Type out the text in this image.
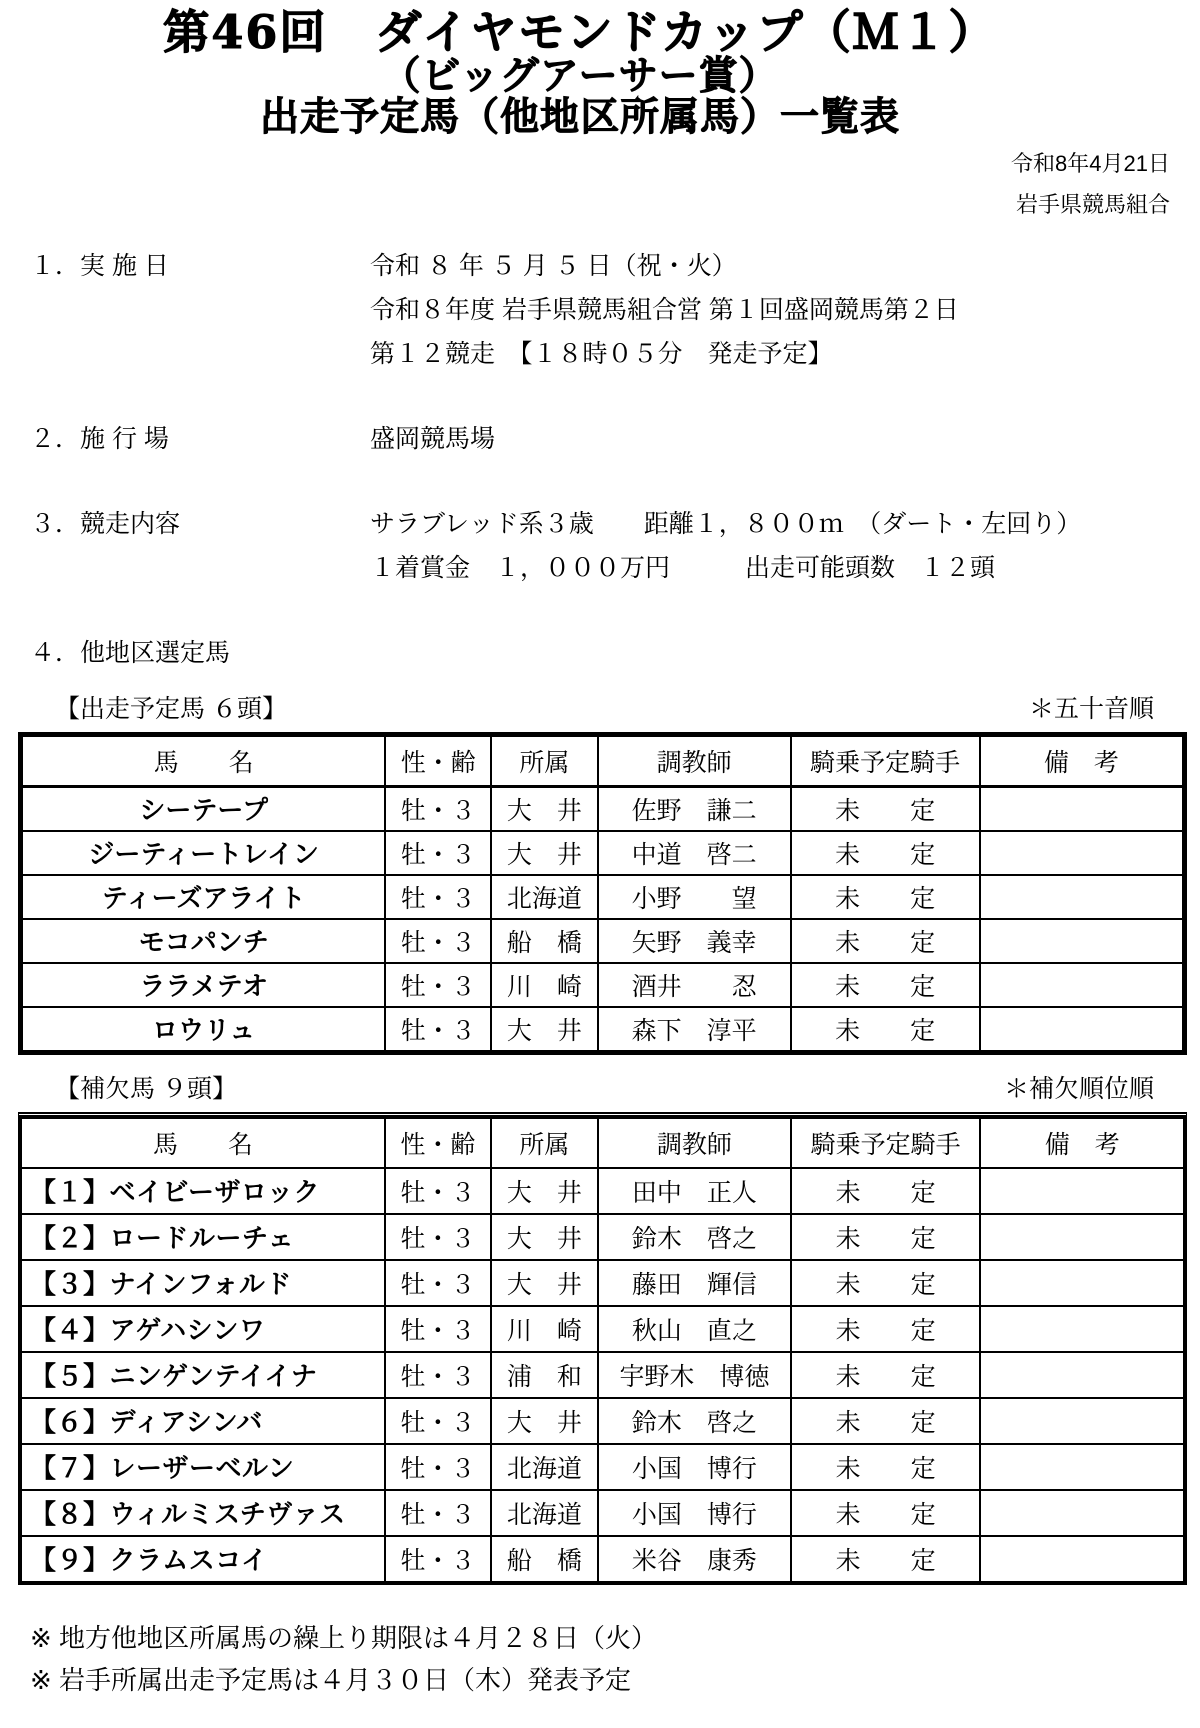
第46回　ダイヤモンドカップ（Ｍ１）
（ビッグアーサー賞）
出走予定馬（他地区所属馬）一覧表
令和8年4月21日
岩手県競馬組合
１．実 施 日	令和 ８ 年 ５ 月 ５ 日（祝・火）
令和８年度 岩手県競馬組合営 第１回盛岡競馬第２日
第１２競走　【１８時０５分　発走予定】
２．施 行 場	盛岡競馬場
３．競走内容	サラブレッド系３歳　　距離１，８００ｍ　（ダート・左回り）
１着賞金　１，０００万円　　　出走可能頭数　１２頭
４．他地区選定馬
【出走予定馬 ６頭】	＊五十音順
馬　　名	性・齢	所属	調教師	騎乗予定騎手	備　考
シーテープ	牡・３	大　井	佐野　謙二	未　　定	
ジーティートレイン	牡・３	大　井	中道　啓二	未　　定	
ティーズアライト	牡・３	北海道	小野　　望	未　　定	
モコパンチ	牡・３	船　橋	矢野　義幸	未　　定	
ララメテオ	牡・３	川　崎	酒井　　忍	未　　定	
ロウリュ	牡・３	大　井	森下　淳平	未　　定	
【補欠馬 ９頭】	＊補欠順位順
馬　　名	性・齢	所属	調教師	騎乗予定騎手	備　考
【１】ベイビーザロック	牡・３	大　井	田中　正人	未　　定	
【２】ロードルーチェ	牡・３	大　井	鈴木　啓之	未　　定	
【３】ナインフォルド	牡・３	大　井	藤田　輝信	未　　定	
【４】アゲハシンワ	牡・３	川　崎	秋山　直之	未　　定	
【５】ニンゲンテイイナ	牡・３	浦　和	宇野木　博徳	未　　定	
【６】ディアシンバ	牡・３	大　井	鈴木　啓之	未　　定	
【７】レーザーベルン	牡・３	北海道	小国　博行	未　　定	
【８】ウィルミスチヴァス	牡・３	北海道	小国　博行	未　　定	
【９】クラムスコイ	牡・３	船　橋	米谷　康秀	未　　定	
※ 地方他地区所属馬の繰上り期限は４月２８日（火）
※ 岩手所属出走予定馬は４月３０日（木）発表予定
